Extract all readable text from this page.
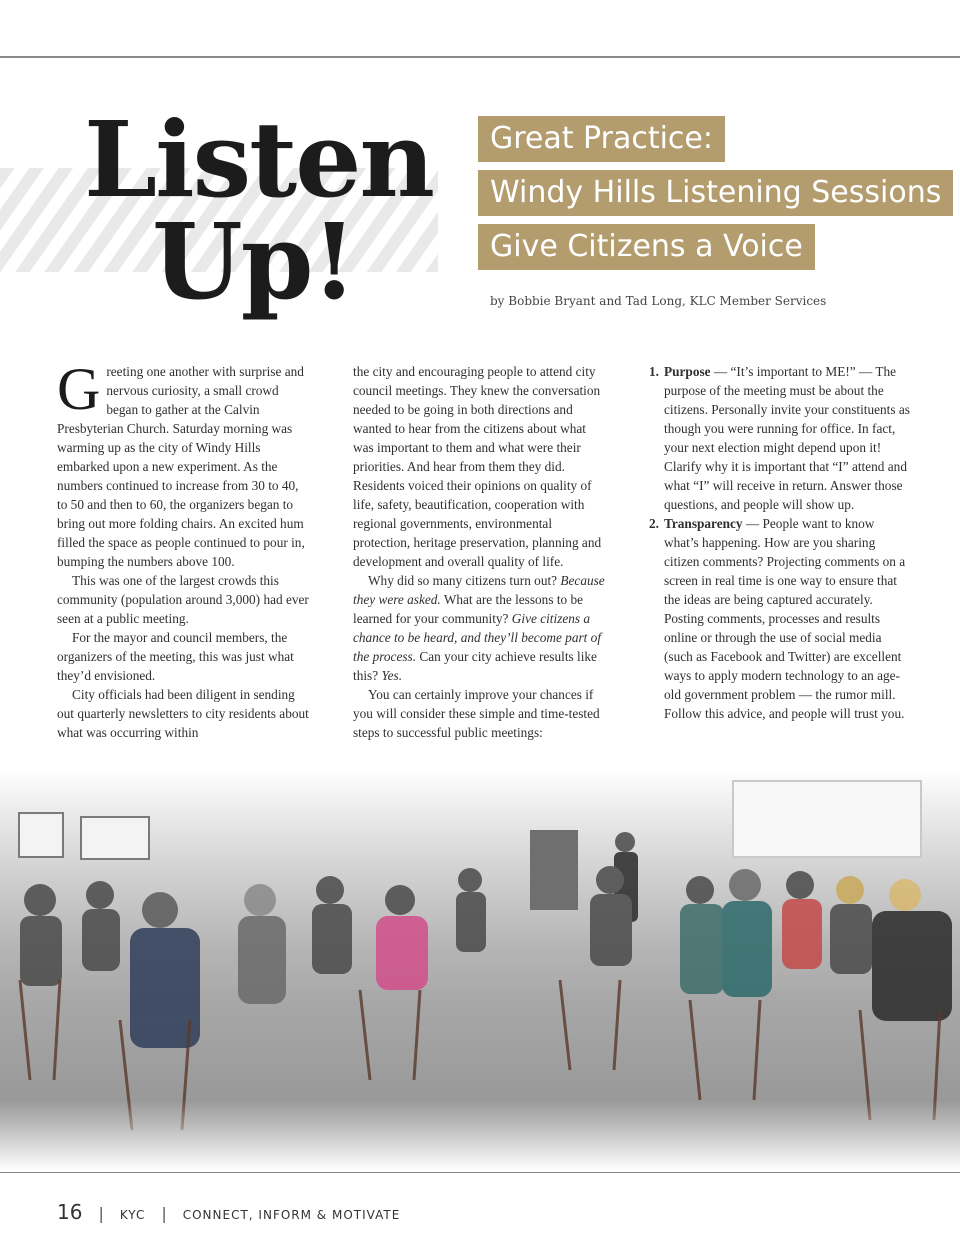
Listen
Up!
Great Practice:
Windy Hills Listening Sessions
Give Citizens a Voice
by Bobbie Bryant and Tad Long, KLC Member Services

Greeting one another with surprise and nervous curiosity, a small crowd began to gather at the Calvin Presbyterian Church. Saturday morning was warming up as the city of Windy Hills embarked upon a new experiment. As the numbers continued to increase from 30 to 40, to 50 and then to 60, the organizers began to bring out more folding chairs. An excited hum filled the space as people continued to pour in, bumping the numbers above 100.

This was one of the largest crowds this community (population around 3,000) had ever seen at a public meeting.

For the mayor and council members, the organizers of the meeting, this was just what they’d envisioned.

City officials had been diligent in sending out quarterly newsletters to city residents about what was occurring within

the city and encouraging people to attend city council meetings. They knew the conversation needed to be going in both directions and wanted to hear from the citizens about what was important to them and what were their priorities. And hear from them they did. Residents voiced their opinions on quality of life, safety, beautification, cooperation with regional governments, environmental protection, heritage preservation, planning and development and overall quality of life.

Why did so many citizens turn out? Because they were asked. What are the lessons to be learned for your community? Give citizens a chance to be heard, and they’ll become part of the process. Can your city achieve results like this? Yes.

You can certainly improve your chances if you will consider these simple and time-tested steps to successful public meetings:

1. Purpose — “It’s important to ME!” — The purpose of the meeting must be about the citizens. Personally invite your constituents as though you were running for office. In fact, your next election might depend upon it! Clarify why it is important that “I” attend and what “I” will receive in return. Answer those questions, and people will show up.
2. Transparency — People want to know what’s happening. How are you sharing citizen comments? Projecting comments on a screen in real time is one way to ensure that the ideas are being captured accurately. Posting comments, processes and results online or through the use of social media (such as Facebook and Twitter) are excellent ways to apply modern technology to an age-old government problem — the rumor mill. Follow this advice, and people will trust you.
16 | KYC | CONNECT, INFORM & MOTIVATE
